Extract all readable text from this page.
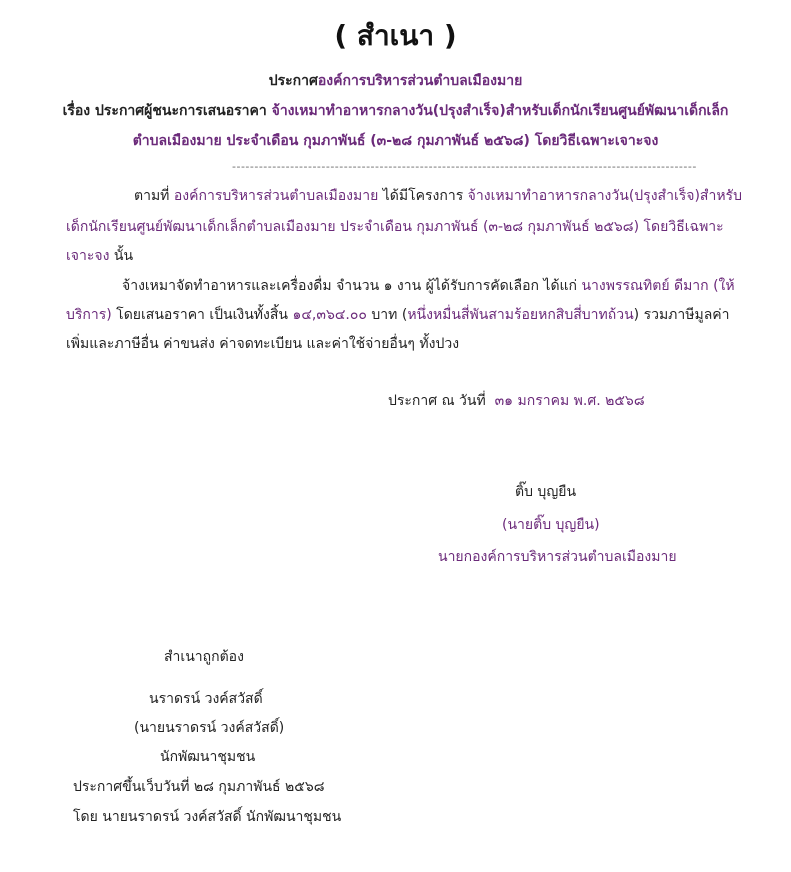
( สำเนา )
ประกาศองค์การบริหารส่วนตำบลเมืองมาย
เรื่อง ประกาศผู้ชนะการเสนอราคา จ้างเหมาทำอาหารกลางวัน(ปรุงสำเร็จ)สำหรับเด็กนักเรียนศูนย์พัฒนาเด็กเล็ก
ตำบลเมืองมาย ประจำเดือน กุมภาพันธ์ (๓-๒๘ กุมภาพันธ์ ๒๕๖๘) โดยวิธีเฉพาะเจาะจง
--------------------------------------------------------------------------------------------------------
ตามที่ องค์การบริหารส่วนตำบลเมืองมาย ได้มีโครงการ จ้างเหมาทำอาหารกลางวัน(ปรุงสำเร็จ)สำหรับ
เด็กนักเรียนศูนย์พัฒนาเด็กเล็กตำบลเมืองมาย ประจำเดือน กุมภาพันธ์ (๓-๒๘ กุมภาพันธ์ ๒๕๖๘) โดยวิธีเฉพาะ
เจาะจง นั้น
จ้างเหมาจัดทำอาหารและเครื่องดื่ม จำนวน ๑ งาน ผู้ได้รับการคัดเลือก ได้แก่ นางพรรณทิตย์ ดีมาก (ให้
บริการ) โดยเสนอราคา เป็นเงินทั้งสิ้น ๑๔,๓๖๔.๐๐ บาท (หนึ่งหมื่นสี่พันสามร้อยหกสิบสี่บาทถ้วน) รวมภาษีมูลค่า
เพิ่มและภาษีอื่น ค่าขนส่ง ค่าจดทะเบียน และค่าใช้จ่ายอื่นๆ ทั้งปวง
ประกาศ ณ วันที่ ๓๑ มกราคม พ.ศ. ๒๕๖๘
ติ๊บ บุญยืน
(นายติ๊บ บุญยืน)
นายกองค์การบริหารส่วนตำบลเมืองมาย
สำเนาถูกต้อง
นราดรน์ วงค์สวัสดิ์
(นายนราดรน์ วงค์สวัสดิ์)
นักพัฒนาชุมชน
ประกาศขึ้นเว็บวันที่ ๒๘ กุมภาพันธ์ ๒๕๖๘
โดย นายนราดรน์ วงค์สวัสดิ์ นักพัฒนาชุมชน
